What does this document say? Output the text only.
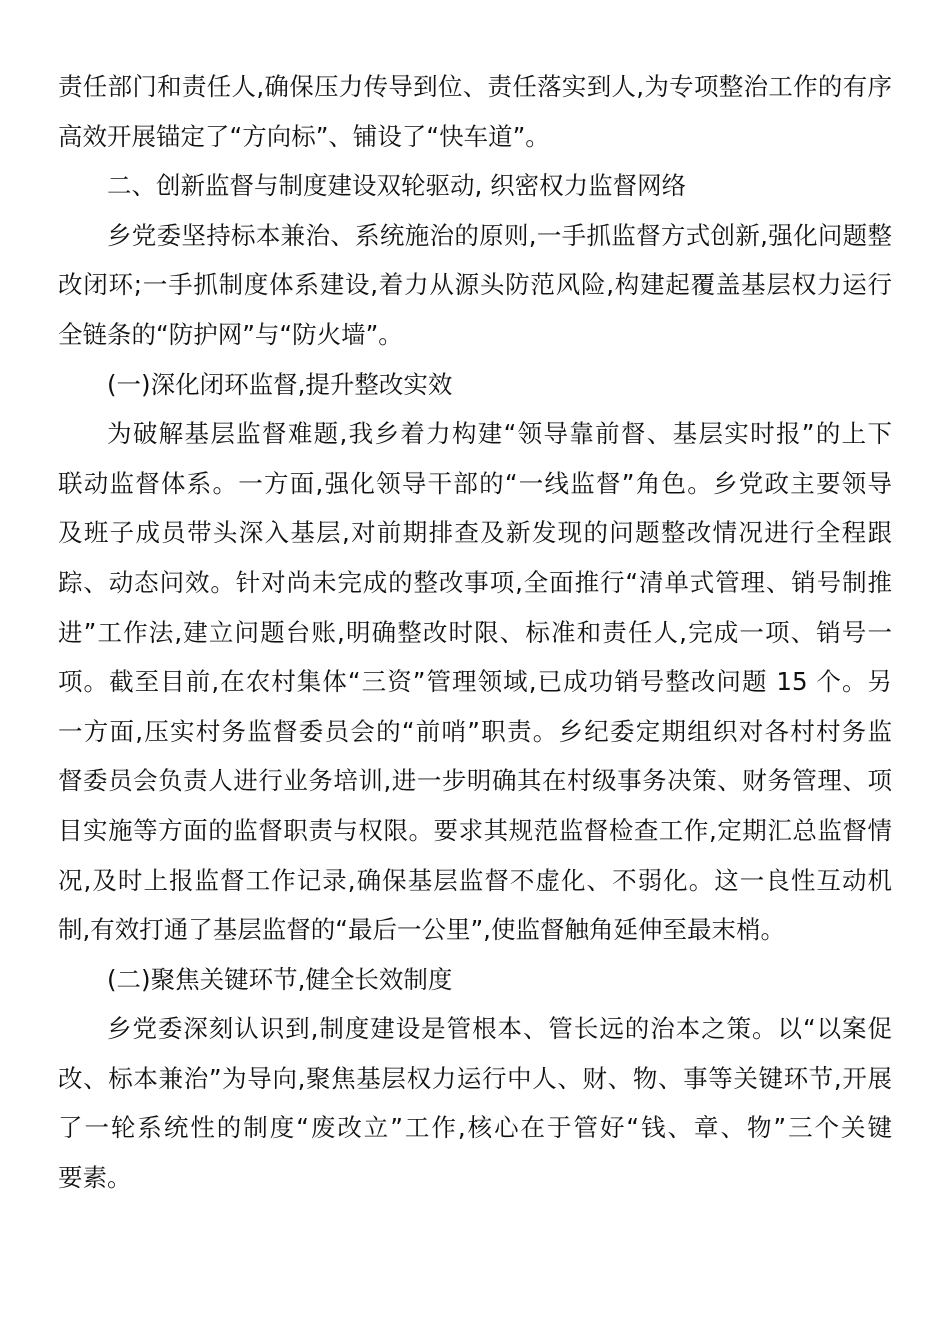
责任部门和责任人,确保压力传导到位、责任落实到人,为专项整治工作的有序
高效开展锚定了“方向标”、铺设了“快车道”。
二、创新监督与制度建设双轮驱动, 织密权力监督网络
乡党委坚持标本兼治、系统施治的原则,一手抓监督方式创新,强化问题整
改闭环;一手抓制度体系建设,着力从源头防范风险,构建起覆盖基层权力运行
全链条的“防护网”与“防火墙”。
(一)深化闭环监督,提升整改实效
为破解基层监督难题,我乡着力构建“领导靠前督、基层实时报”的上下
联动监督体系。一方面,强化领导干部的“一线监督”角色。乡党政主要领导
及班子成员带头深入基层,对前期排查及新发现的问题整改情况进行全程跟
踪、动态问效。针对尚未完成的整改事项,全面推行“清单式管理、销号制推
进”工作法,建立问题台账,明确整改时限、标准和责任人,完成一项、销号一
项。截至目前,在农村集体“三资”管理领域,已成功销号整改问题 15 个。另
一方面,压实村务监督委员会的“前哨”职责。乡纪委定期组织对各村村务监
督委员会负责人进行业务培训,进一步明确其在村级事务决策、财务管理、项
目实施等方面的监督职责与权限。要求其规范监督检查工作,定期汇总监督情
况,及时上报监督工作记录,确保基层监督不虚化、不弱化。这一良性互动机
制,有效打通了基层监督的“最后一公里”,使监督触角延伸至最末梢。
(二)聚焦关键环节,健全长效制度
乡党委深刻认识到,制度建设是管根本、管长远的治本之策。以“以案促
改、标本兼治”为导向,聚焦基层权力运行中人、财、物、事等关键环节,开展
了一轮系统性的制度“废改立”工作,核心在于管好“钱、章、物”三个关键
要素。
